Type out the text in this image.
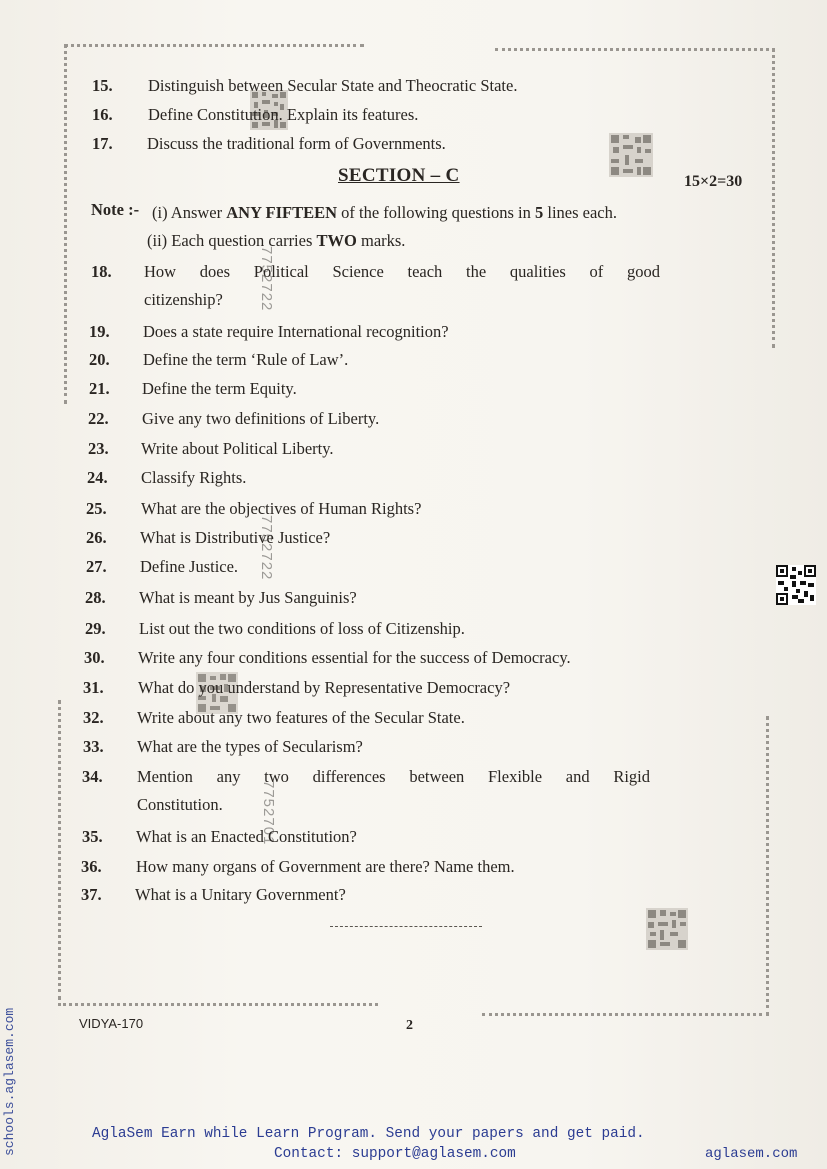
7752722
7752722
7752701
15. Distinguish between Secular State and Theocratic State.
16. Define Constitution. Explain its features.
17. Discuss the traditional form of Governments.
SECTION – C	15×2=30
Note :- (i) Answer ANY FIFTEEN of the following questions in 5 lines each.
(ii) Each question carries TWO marks.
18. How does Political Science teach the qualities of good
citizenship?
19. Does a state require International recognition?
20. Define the term ‘Rule of Law’.
21. Define the term Equity.
22. Give any two definitions of Liberty.
23. Write about Political Liberty.
24. Classify Rights.
25. What are the objectives of Human Rights?
26. What is Distributive Justice?
27. Define Justice.
28. What is meant by Jus Sanguinis?
29. List out the two conditions of loss of Citizenship.
30. Write any four conditions essential for the success of Democracy.
31. What do you understand by Representative Democracy?
32. Write about any two features of the Secular State.
33. What are the types of Secularism?
34. Mention any two differences between Flexible and Rigid
Constitution.
35. What is an Enacted Constitution?
36. How many organs of Government are there? Name them.
37. What is a Unitary Government?
VIDYA-170	2
schools.aglasem.com	AglaSem Earn while Learn Program. Send your papers and get paid.
Contact: support@aglasem.com	aglasem.com
